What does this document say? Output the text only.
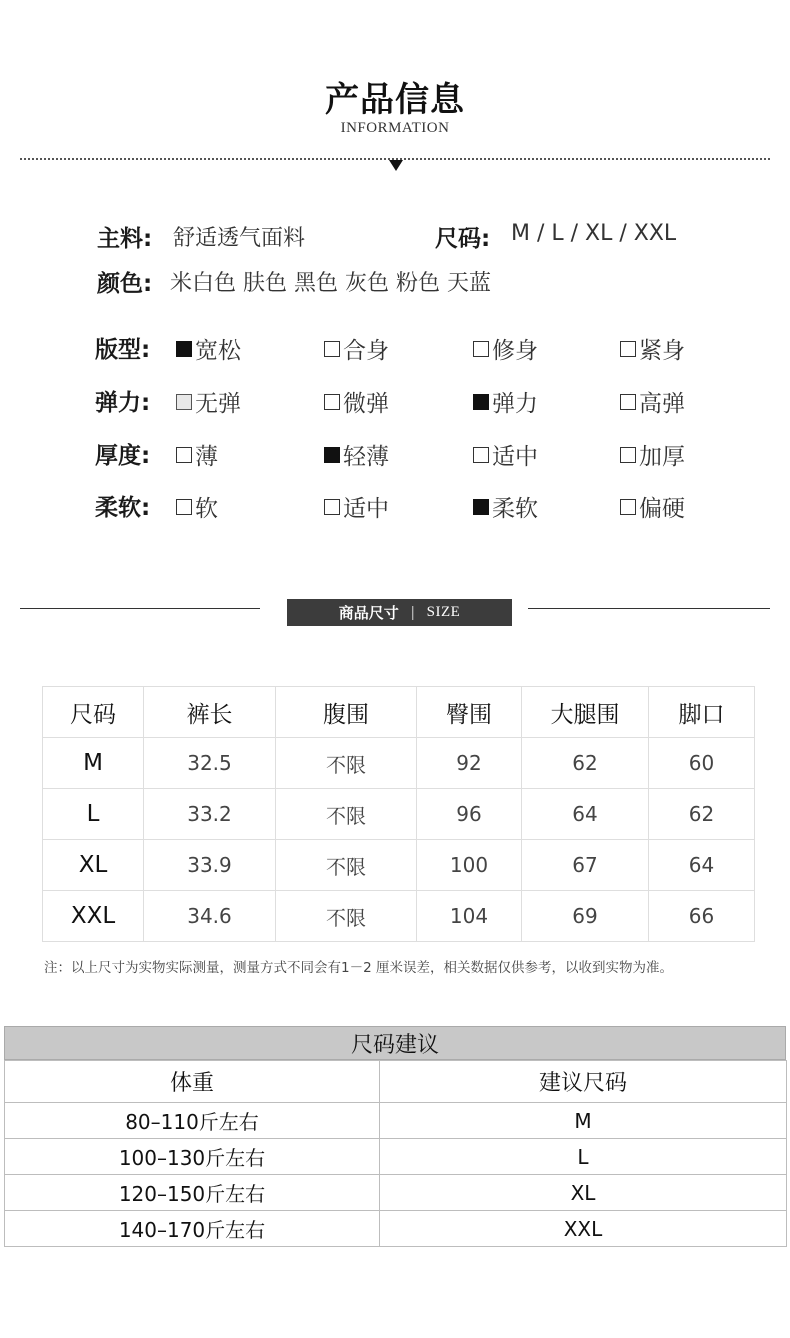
产品信息
INFORMATION
主料: 舒适透气面料	尺码: M / L / XL / XXL
颜色: 米白色 肤色 黑色 灰色 粉色 天蓝
版型: 宽松	合身	修身	紧身
弹力: 无弹	微弹	弹力	高弹
厚度: 薄	轻薄	适中	加厚
柔软: 软	适中	柔软	偏硬
商品尺寸 | SIZE
尺码	裤长	腹围	臀围	大腿围	脚口
M	32.5	不限	92	62	60
L	33.2	不限	96	64	62
XL	33.9	不限	100	67	64
XXL	34.6	不限	104	69	66
注：以上尺寸为实物实际测量，测量方式不同会有1－2 厘米误差，相关数据仅供参考，以收到实物为准。
尺码建议
体重	建议尺码
80–110斤左右	M
100–130斤左右	L
120–150斤左右	XL
140–170斤左右	XXL
